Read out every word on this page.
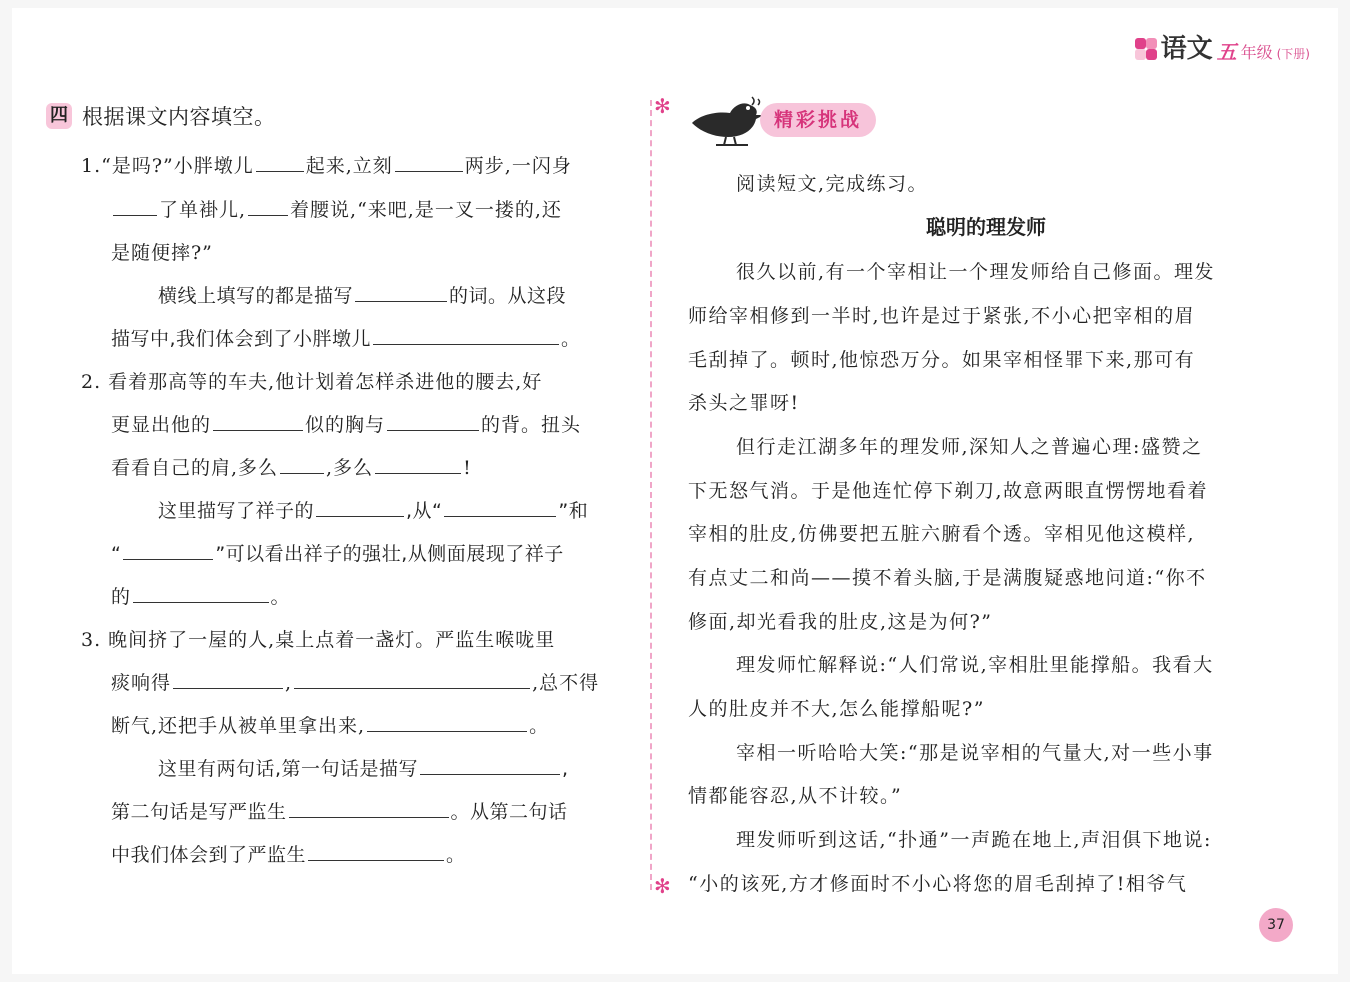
语文 五 年级 (下册)
✻
✻
四 根据课文内容填空。
1.“是吗?”小胖墩儿	起来,立刻	两步,一闪身
了单褂儿, 着腰说,“来吧,是一叉一搂的,还
是随便摔?”
横线上填写的都是描写	的词。从这段
描写中,我们体会到了小胖墩儿	。
2. 看着那高等的车夫,他计划着怎样杀进他的腰去,好
更显出他的	似的胸与	的背。扭头
看看自己的肩,多么	,多么	!
这里描写了祥子的	,从“	”和
“	”可以看出祥子的强壮,从侧面展现了祥子
的	。
3. 晚间挤了一屋的人,桌上点着一盏灯。严监生喉咙里
痰响得	,	,总不得
断气,还把手从被单里拿出来,	。
这里有两句话,第一句话是描写	,
第二句话是写严监生	。从第二句话
中我们体会到了严监生	。
精彩挑战
阅读短文,完成练习。
聪明的理发师
很久以前,有一个宰相让一个理发师给自己修面。理发
师给宰相修到一半时,也许是过于紧张,不小心把宰相的眉
毛刮掉了。顿时,他惊恐万分。如果宰相怪罪下来,那可有
杀头之罪呀!
但行走江湖多年的理发师,深知人之普遍心理:盛赞之
下无怒气消。于是他连忙停下剃刀,故意两眼直愣愣地看着
宰相的肚皮,仿佛要把五脏六腑看个透。宰相见他这模样,
有点丈二和尚——摸不着头脑,于是满腹疑惑地问道:“你不
修面,却光看我的肚皮,这是为何?”
理发师忙解释说:“人们常说,宰相肚里能撑船。我看大
人的肚皮并不大,怎么能撑船呢?”
宰相一听哈哈大笑:“那是说宰相的气量大,对一些小事
情都能容忍,从不计较。”
理发师听到这话,“扑通”一声跪在地上,声泪俱下地说:
“小的该死,方才修面时不小心将您的眉毛刮掉了!相爷气
37
